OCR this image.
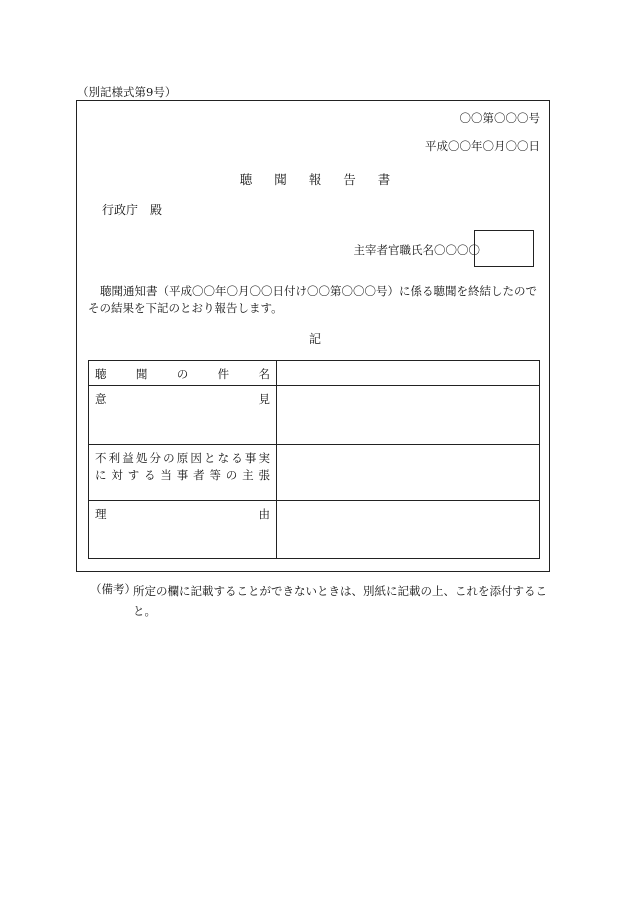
（別記様式第9号）
〇〇第〇〇〇号
平成〇〇年〇月〇〇日
聴聞報告書
行政庁　殿
主宰者官職氏名〇〇〇〇
聴聞通知書（平成〇〇年〇月〇〇日付け〇〇第〇〇〇号）に係る聴聞を終結したので
その結果を下記のとおり報告します。
記
聴聞の件名	

意見	

不利益処分の原因となる事実
に対する当事者等の主張	

理由	

（備考）
所定の欄に記載することができないときは、別紙に記載の上、これを添付すること。
